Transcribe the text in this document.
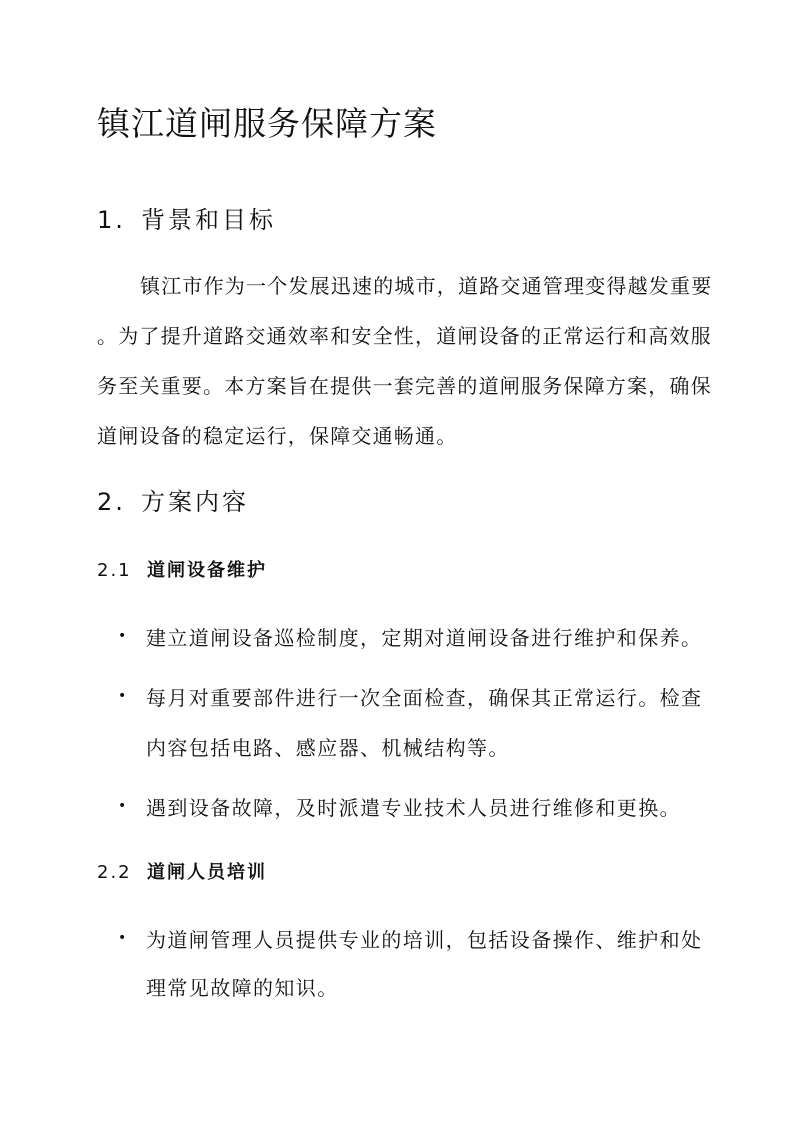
镇江道闸服务保障方案
1. 背景和目标
镇江市作为一个发展迅速的城市，道路交通管理变得越发重要
。为了提升道路交通效率和安全性，道闸设备的正常运行和高效服
务至关重要。本方案旨在提供一套完善的道闸服务保障方案，确保
道闸设备的稳定运行，保障交通畅通。
2. 方案内容
2.1 道闸设备维护
• 建立道闸设备巡检制度，定期对道闸设备进行维护和保养。
• 每月对重要部件进行一次全面检查，确保其正常运行。检查
内容包括电路、感应器、机械结构等。
• 遇到设备故障，及时派遣专业技术人员进行维修和更换。
2.2 道闸人员培训
• 为道闸管理人员提供专业的培训，包括设备操作、维护和处
理常见故障的知识。
